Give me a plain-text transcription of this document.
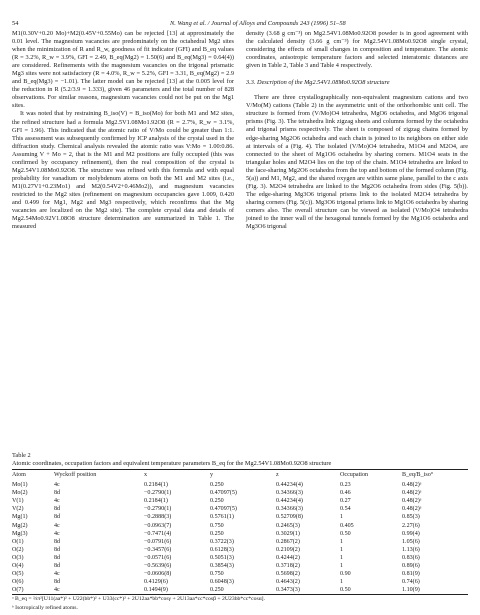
54	N. Wang et al. / Journal of Alloys and Compounds 243 (1996) 51–58

M1(0.30V+0.20 Mo)+M2(0.45V+0.55Mo) can be rejected [13] at approximately the 0.01 level. The magnesium vacancies are predominately on the octahedral Mg2 sites when the minimization of R and R_w, goodness of fit indicator (GFI) and B_eq values (R = 3.2%, R_w = 3.9%, GFI = 2.49, B_eq(Mg2) = 1.50(6) and B_eq(Mg3) = 0.64(4)) are considered. Refinements with the magnesium vacancies on the trigonal prismatic Mg3 sites were not satisfactory (R = 4.0%, R_w = 5.2%, GFI = 3.31, B_eq(Mg2) = 2.9 and B_eq(Mg3) = −1.01). The latter model can be rejected [13] at the 0.005 level for the reduction in R (5.2/3.9 = 1.333), given 46 parameters and the total number of 828 observations. For similar reasons, magnesium vacancies could not be put on the Mg1 sites.

It was noted that by restraining B_iso(V) = B_iso(Mo) for both M1 and M2 sites, the refined structure had a formula Mg2.5V1.08Mo1.92O8 (R = 2.7%, R_w = 3.1%, GFI = 1.96). This indicated that the atomic ratio of V/Mo could be greater than 1:1. This assessment was subsequently confirmed by ICP analysis of the crystal used in the diffraction study. Chemical analysis revealed the atomic ratio was V:Mo = 1.00:0.86. Assuming V + Mo = 2, that is the M1 and M2 positions are fully occupied (this was confirmed by occupancy refinement), then the real composition of the crystal is Mg2.54V1.08Mo0.92O8. The structure was refined with this formula and with equal probability for vanadium or molybdenum atoms on both the M1 and M2 sites (i.e., M1(0.27V1+0.23Mo1) and M2(0.54V2+0.46Mo2)), and magnesium vacancies restricted to the Mg2 sites (refinement on magnesium occupancies gave 1.009, 0.420 and 0.499 for Mg1, Mg2 and Mg3 respectively, which reconfirms that the Mg vacancies are localized on the Mg2 site). The complete crystal data and details of Mg2.54Mo0.92V1.08O8 structure determination are summarized in Table 1. The measured

density (3.68 g cm⁻³) on Mg2.54V1.08Mo0.92O8 powder is in good agreement with the calculated density (3.66 g cm⁻³) for Mg2.54V1.08Mo0.92O8 single crystal, considering the effects of small changes in composition and temperature. The atomic coordinates, anisotropic temperature factors and selected interatomic distances are given in Table 2, Table 3 and Table 4 respectively.

3.3. Description of the Mg2.54V1.08Mo0.92O8 structure

There are three crystallographically non-equivalent magnesium cations and two V/Mo(M) cations (Table 2) in the asymmetric unit of the orthorhombic unit cell. The structure is formed from (V/Mo)O4 tetrahedra, MgO6 octahedra, and MgO6 trigonal prisms (Fig. 3). The tetrahedra link zigzag sheets and columns formed by the octahedra and trigonal prisms respectively. The sheet is composed of zigzag chains formed by edge-sharing Mg2O6 octahedra and each chain is joined to its neighbors on either side at intervals of a (Fig. 4). The isolated (V/Mo)O4 tetrahedra, M1O4 and M2O4, are connected to the sheet of Mg1O6 octahedra by sharing corners. M1O4 seats in the triangular holes and M2O4 lies on the top of the chain. M1O4 tetrahedra are linked to the face-sharing Mg2O6 octahedra from the top and bottom of the formed column (Fig. 5(a)) and M1, Mg2, and the shared oxygen are within same plane, parallel to the c axis (Fig. 3). M2O4 tetrahedra are linked to the Mg2O6 octahedra from sides (Fig. 5(b)). The edge-sharing Mg3O6 trigonal prisms link to the isolated M2O4 tetrahedra by sharing corners (Fig. 5(c)). Mg3O6 trigonal prisms link to Mg1O6 octahedra by sharing corners also. The overall structure can be viewed as isolated (V/Mo)O4 tetrahedra joined to the inner wall of the hexagonal tunnels formed by the Mg1O6 octahedra and Mg3O6 trigonal

Table 2
Atomic coordinates, occupation factors and equivalent temperature parameters B_eq for the Mg2.54V1.08Mo0.92O8 structure
Atom	Wyckoff position	x	y	z	Occupation	B_eq/B_iso°
Mo(1)	4c	0.2184(1)	0.250	0.44234(4)	0.23	0.48(2)ᵃ
Mo(2)	8d	−0.2790(1)	0.47097(5)	0.34366(3)	0.46	0.48(2)ᵃ
V(1)	4c	0.2184(1)	0.250	0.44234(4)	0.27	0.48(2)ᵃ
V(2)	8d	−0.2790(1)	0.47097(5)	0.34366(3)	0.54	0.48(2)ᵃ
Mg(1)	8d	−0.2888(3)	0.5761(1)	0.52709(8)	1	0.85(3)
Mg(2)	4c	−0.0963(7)	0.750	0.2465(3)	0.405	2.27(6)
Mg(3)	4c	−0.7471(4)	0.250	0.3029(1)	0.50	0.99(4)
O(1)	8d	−0.0791(6)	0.3722(3)	0.2867(2)	1	1.05(6)
O(2)	8d	−0.3457(6)	0.6128(3)	0.2109(2)	1	1.13(6)
O(3)	8d	−0.0571(6)	0.5051(3)	0.4244(2)	1	0.83(6)
O(4)	8d	−0.5639(6)	0.3854(3)	0.3718(2)	1	0.89(6)
O(5)	4c	−0.0606(8)	0.750	0.5698(2)	0.90	0.81(9)
O(6)	8d	0.4129(6)	0.6048(3)	0.4643(2)	1	0.74(6)
O(7)	4c	0.1494(9)	0.250	0.3473(3)	0.50	1.10(9)
ᵃ B_eq = ⅔π²[U11(aa*)² + U22(bb*)² + U33(cc*)² + 2U12aa*bb*cosγ + 2U13aa*cc*cosβ + 2U23bb*cc*cosα].
ᵇ Isotropically refined atoms.
